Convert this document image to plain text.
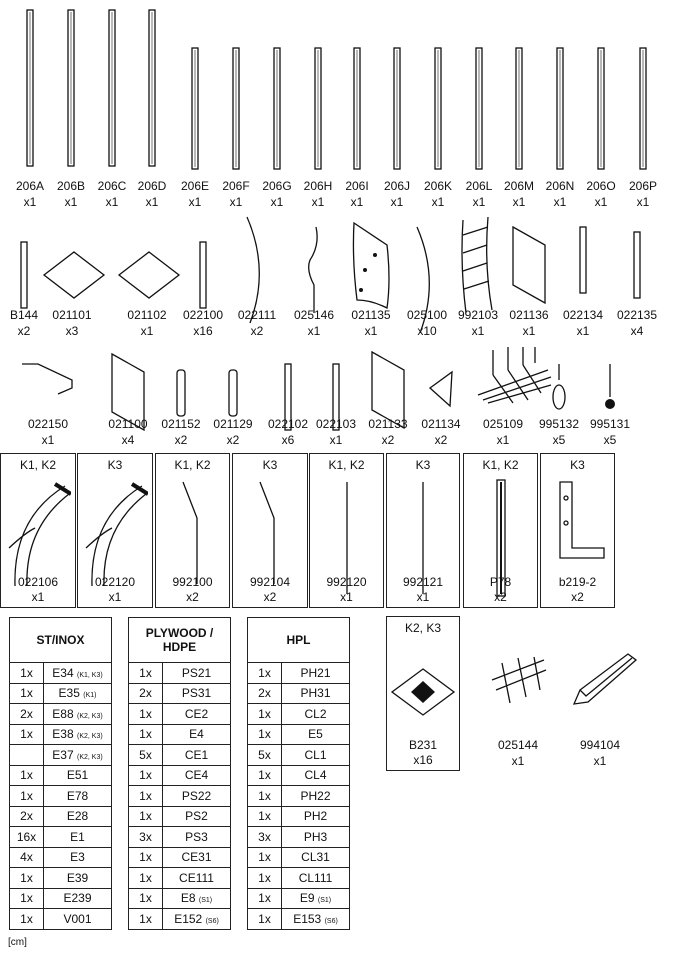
[cm]
206A
x1
206B
x1
206C
x1
206D
x1
206E
x1
206F
x1
206G
x1
206H
x1
206I
x1
206J
x1
206K
x1
206L
x1
206M
x1
206N
x1
206O
x1
206P
x1
B144
x2
021101
x3
021102
x1
022100
x16
022111
x2
025146
x1
021135
x1
025100
x10
992103
x1
021136
x1
022134
x1
022135
x4
022150
x1
021100
x4
021152
x2
021129
x2
022102
x6
022103
x1
021133
x2
021134
x2
025109
x1
995132
x5
995131
x5
K1, K2
022106
x1
K3
022120
x1
K1, K2
992100
x2
K3
992104
x2
K1, K2
992120
x1
K3
992121
x1
K1, K2
P78
x2
K3
b219-2
x2
K2, K3
B231
x16
025144
x1
994104
x1
ST/INOX			PLYWOOD / HDPE			HPL	
1x	E34 (K1, K3)		1x	PS21		1x	PH21
1x	E35 (K1)		2x	PS31		2x	PH31
2x	E88 (K2, K3)		1x	CE2		1x	CL2
1x	E38 (K2, K3)		1x	E4		1x	E5
	E37 (K2, K3)		5x	CE1		5x	CL1
1x	E51		1x	CE4		1x	CL4
1x	E78		1x	PS22		1x	PH22
2x	E28		1x	PS2		1x	PH2
16x	E1		3x	PS3		3x	PH3
4x	E3		1x	CE31		1x	CL31
1x	E39		1x	CE111		1x	CL111
1x	E239		1x	E8 (S1)		1x	E9 (S1)
1x	V001		1x	E152 (S6)		1x	E153 (S6)
